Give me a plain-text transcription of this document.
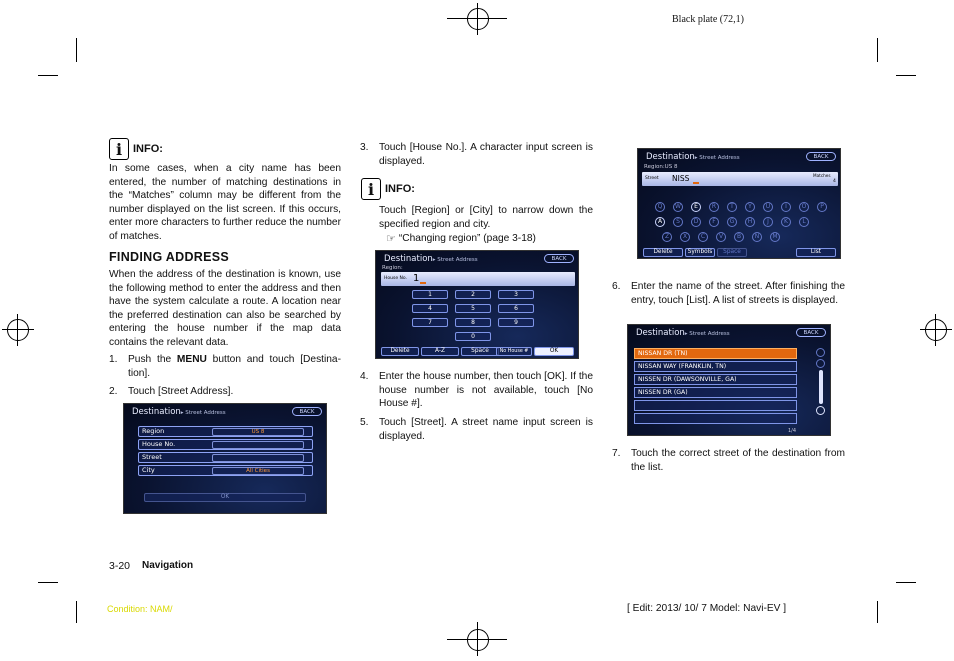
Black plate (72,1)
i INFO:
In some cases, when a city name has been entered, the number of matching destinations in the “Matches” column may be different from the number displayed on the list screen. If this occurs, enter more characters to further reduce the number of matches.
FINDING ADDRESS
When the address of the destination is known, use the following method to enter the address and then have the system calculate a route. A location near the preferred destination can also be searched by entering the house number if the map data contains the relevant data.
1.	Push the MENU button and touch [Destina-tion].
2.	Touch [Street Address].
Destination▸ Street Address	BACK
Region	US 8
House No.
Street
City	All Cities
OK
3.	Touch [House No.]. A character input screen is displayed.
i INFO:
Touch [Region] or [City] to narrow down the specified region and city.
☞ “Changing region” (page 3-18)
Destination▸ Street Address	BACK
Region:
House No. 1
1	2	3
4	5	6
7	8	9
0
Delete	A-Z	Space	No House #	OK
4.	Enter the house number, then touch [OK]. If the house number is not available, touch [No House #].
5.	Touch [Street]. A street name input screen is displayed.
Destination▸ Street Address	BACK
Region:US 8
Street NISS	Matches
4
Q	W	E	R	T	Y	U	I	O	P
A	S	D	F	G	H	J	K	L
Z	X	C	V	B	N	M
Delete	Symbols	Space	List
6.	Enter the name of the street. After finishing the entry, touch [List]. A list of streets is displayed.
Destination▸ Street Address	BACK
NISSAN DR (TN)
NISSAN WAY (FRANKLIN, TN)
NISSEN DR (DAWSONVILLE, GA)
NISSEN DR (GA)
1/4
7.	Touch the correct street of the destination from the list.
3-20 Navigation
Condition: NAM/	[ Edit: 2013/ 10/ 7 Model: Navi-EV ]
